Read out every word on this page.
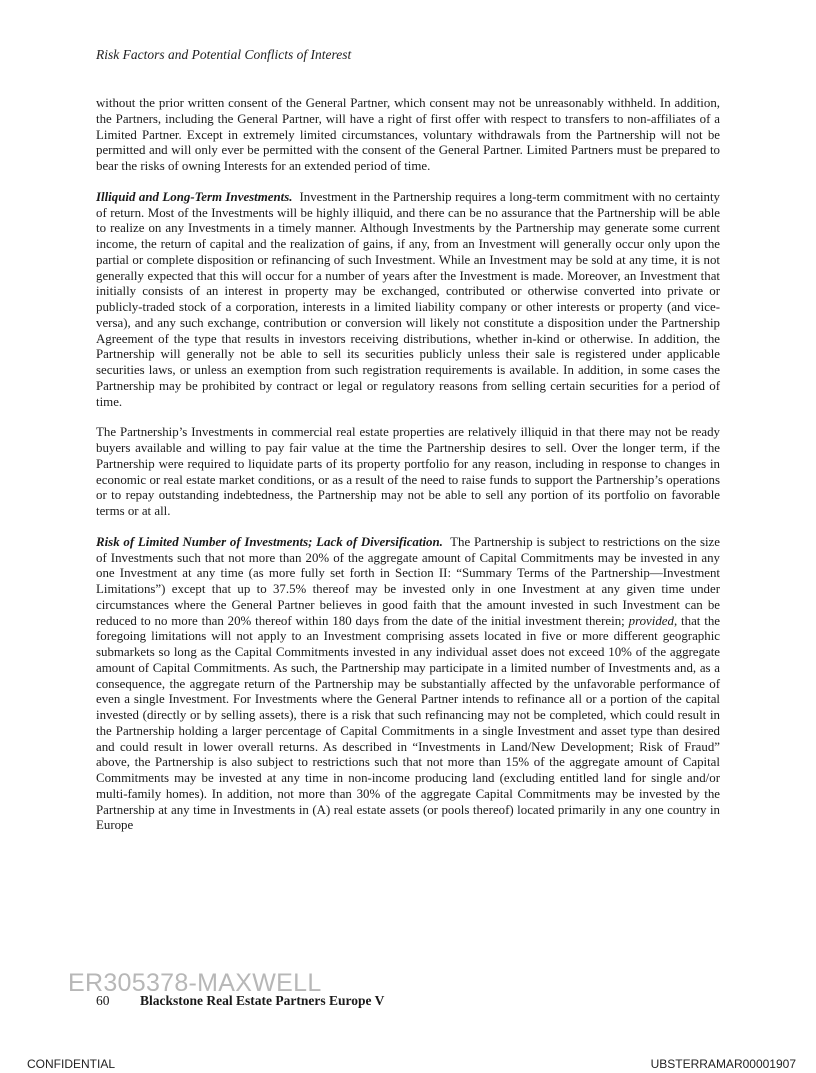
Risk Factors and Potential Conflicts of Interest

without the prior written consent of the General Partner, which consent may not be unreasonably withheld. In addition, the Partners, including the General Partner, will have a right of first offer with respect to transfers to non-affiliates of a Limited Partner. Except in extremely limited circumstances, voluntary withdrawals from the Partnership will not be permitted and will only ever be permitted with the consent of the General Partner. Limited Partners must be prepared to bear the risks of owning Interests for an extended period of time.

Illiquid and Long-Term Investments. Investment in the Partnership requires a long-term commitment with no certainty of return. Most of the Investments will be highly illiquid, and there can be no assurance that the Partnership will be able to realize on any Investments in a timely manner. Although Investments by the Partnership may generate some current income, the return of capital and the realization of gains, if any, from an Investment will generally occur only upon the partial or complete disposition or refinancing of such Investment. While an Investment may be sold at any time, it is not generally expected that this will occur for a number of years after the Investment is made. Moreover, an Investment that initially consists of an interest in property may be exchanged, contributed or otherwise converted into private or publicly-traded stock of a corporation, interests in a limited liability company or other interests or property (and vice-versa), and any such exchange, contribution or conversion will likely not constitute a disposition under the Partnership Agreement of the type that results in investors receiving distributions, whether in-kind or otherwise. In addition, the Partnership will generally not be able to sell its securities publicly unless their sale is registered under applicable securities laws, or unless an exemption from such registration requirements is available. In addition, in some cases the Partnership may be prohibited by contract or legal or regulatory reasons from selling certain securities for a period of time.

The Partnership’s Investments in commercial real estate properties are relatively illiquid in that there may not be ready buyers available and willing to pay fair value at the time the Partnership desires to sell. Over the longer term, if the Partnership were required to liquidate parts of its property portfolio for any reason, including in response to changes in economic or real estate market conditions, or as a result of the need to raise funds to support the Partnership’s operations or to repay outstanding indebtedness, the Partnership may not be able to sell any portion of its portfolio on favorable terms or at all.

Risk of Limited Number of Investments; Lack of Diversification. The Partnership is subject to restrictions on the size of Investments such that not more than 20% of the aggregate amount of Capital Commitments may be invested in any one Investment at any time (as more fully set forth in Section II: “Summary Terms of the Partnership—Investment Limitations”) except that up to 37.5% thereof may be invested only in one Investment at any given time under circumstances where the General Partner believes in good faith that the amount invested in such Investment can be reduced to no more than 20% thereof within 180 days from the date of the initial investment therein; provided, that the foregoing limitations will not apply to an Investment comprising assets located in five or more different geographic submarkets so long as the Capital Commitments invested in any individual asset does not exceed 10% of the aggregate amount of Capital Commitments. As such, the Partnership may participate in a limited number of Investments and, as a consequence, the aggregate return of the Partnership may be substantially affected by the unfavorable performance of even a single Investment. For Investments where the General Partner intends to refinance all or a portion of the capital invested (directly or by selling assets), there is a risk that such refinancing may not be completed, which could result in the Partnership holding a larger percentage of Capital Commitments in a single Investment and asset type than desired and could result in lower overall returns. As described in “Investments in Land/New Development; Risk of Fraud” above, the Partnership is also subject to restrictions such that not more than 15% of the aggregate amount of Capital Commitments may be invested at any time in non-income producing land (excluding entitled land for single and/or multi-family homes). In addition, not more than 30% of the aggregate Capital Commitments may be invested by the Partnership at any time in Investments in (A) real estate assets (or pools thereof) located primarily in any one country in Europe

ER305378-MAXWELL
60 Blackstone Real Estate Partners Europe V
CONFIDENTIAL	UBSTERRAMAR00001907
